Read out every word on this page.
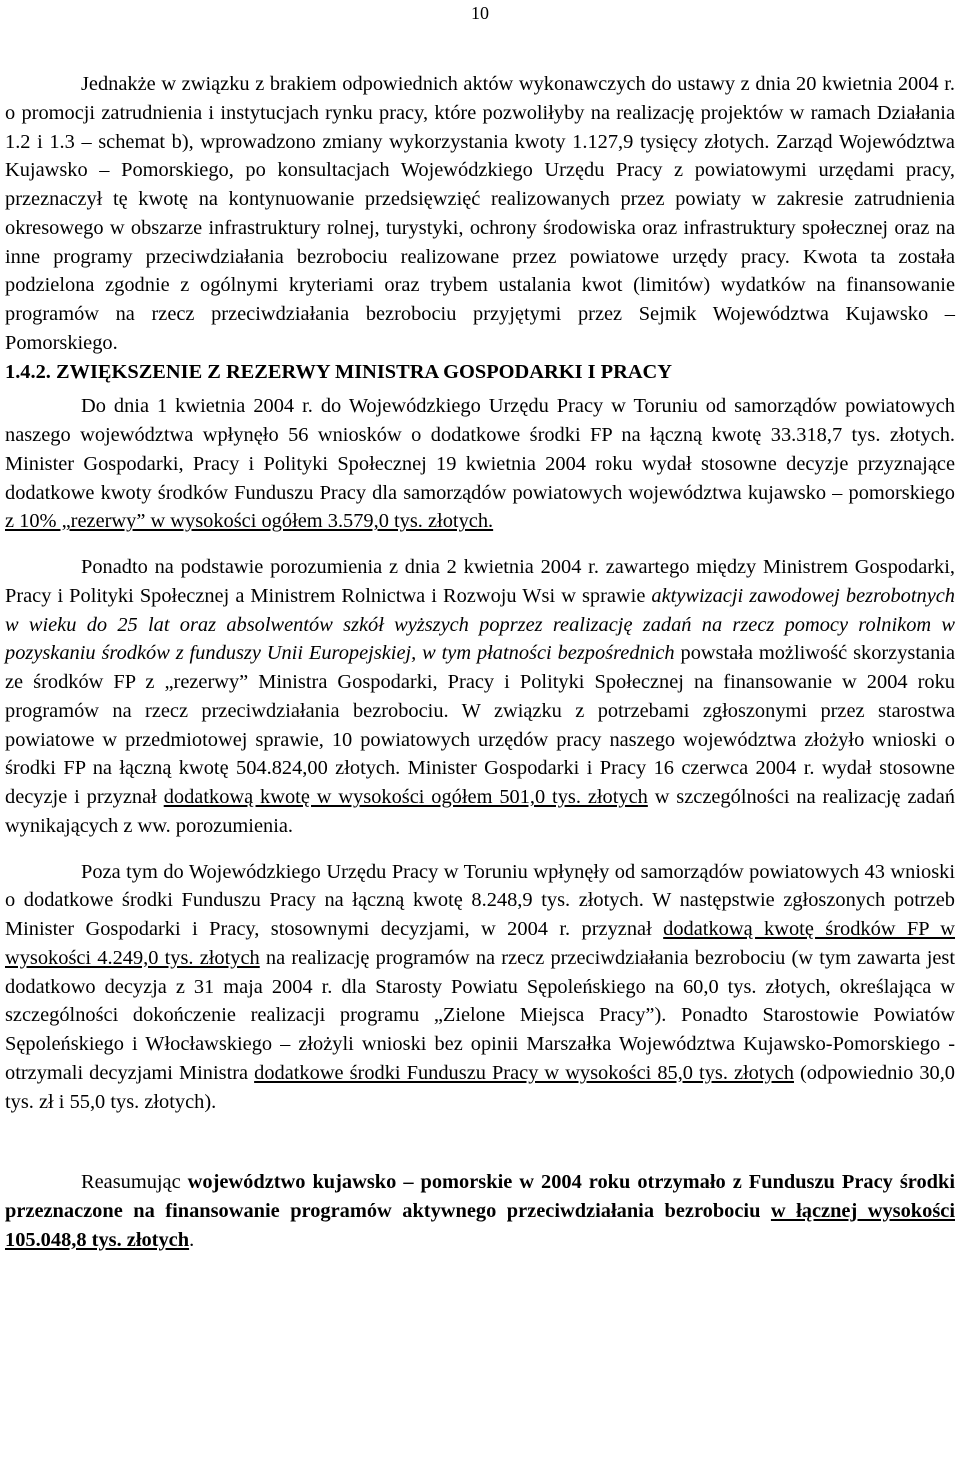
10

Jednakże w związku z brakiem odpowiednich aktów wykonawczych do ustawy z dnia 20 kwietnia 2004 r. o promocji zatrudnienia i instytucjach rynku pracy, które pozwoliłyby na realizację projektów w ramach Działania 1.2 i 1.3 – schemat b), wprowadzono zmiany wykorzystania kwoty 1.127,9 tysięcy złotych. Zarząd Województwa Kujawsko – Pomorskiego, po konsultacjach Wojewódzkiego Urzędu Pracy z powiatowymi urzędami pracy, przeznaczył tę kwotę na kontynuowanie przedsięwzięć realizowanych przez powiaty w zakresie zatrudnienia okresowego w obszarze infrastruktury rolnej, turystyki, ochrony środowiska oraz infrastruktury społecznej oraz na inne programy przeciwdziałania bezrobociu realizowane przez powiatowe urzędy pracy. Kwota ta została podzielona zgodnie z ogólnymi kryteriami oraz trybem ustalania kwot (limitów) wydatków na finansowanie programów na rzecz przeciwdziałania bezrobociu przyjętymi przez Sejmik Województwa Kujawsko – Pomorskiego.

1.4.2. ZWIĘKSZENIE Z REZERWY MINISTRA GOSPODARKI I PRACY

Do dnia 1 kwietnia 2004 r. do Wojewódzkiego Urzędu Pracy w Toruniu od samorządów powiatowych naszego województwa wpłynęło 56 wniosków o dodatkowe środki FP na łączną kwotę 33.318,7 tys. złotych. Minister Gospodarki, Pracy i Polityki Społecznej 19 kwietnia 2004 roku wydał stosowne decyzje przyznające dodatkowe kwoty środków Funduszu Pracy dla samorządów powiatowych województwa kujawsko – pomorskiego z 10% „rezerwy” w wysokości ogółem 3.579,0 tys. złotych.

Ponadto na podstawie porozumienia z dnia 2 kwietnia 2004 r. zawartego między Ministrem Gospodarki, Pracy i Polityki Społecznej a Ministrem Rolnictwa i Rozwoju Wsi w sprawie aktywizacji zawodowej bezrobotnych w wieku do 25 lat oraz absolwentów szkół wyższych poprzez realizację zadań na rzecz pomocy rolnikom w pozyskaniu środków z funduszy Unii Europejskiej, w tym płatności bezpośrednich powstała możliwość skorzystania ze środków FP z „rezerwy” Ministra Gospodarki, Pracy i Polityki Społecznej na finansowanie w 2004 roku programów na rzecz przeciwdziałania bezrobociu. W związku z potrzebami zgłoszonymi przez starostwa powiatowe w przedmiotowej sprawie, 10 powiatowych urzędów pracy naszego województwa złożyło wnioski o środki FP na łączną kwotę 504.824,00 złotych. Minister Gospodarki i Pracy 16 czerwca 2004 r. wydał stosowne decyzje i przyznał dodatkową kwotę w wysokości ogółem 501,0 tys. złotych w szczególności na realizację zadań wynikających z ww. porozumienia.

Poza tym do Wojewódzkiego Urzędu Pracy w Toruniu wpłynęły od samorządów powiatowych 43 wnioski o dodatkowe środki Funduszu Pracy na łączną kwotę 8.248,9 tys. złotych. W następstwie zgłoszonych potrzeb Minister Gospodarki i Pracy, stosownymi decyzjami, w 2004 r. przyznał dodatkową kwotę środków FP w wysokości 4.249,0 tys. złotych na realizację programów na rzecz przeciwdziałania bezrobociu (w tym zawarta jest dodatkowo decyzja z 31 maja 2004 r. dla Starosty Powiatu Sępoleńskiego na 60,0 tys. złotych, określająca w szczególności dokończenie realizacji programu „Zielone Miejsca Pracy”). Ponadto Starostowie Powiatów Sępoleńskiego i Włocławskiego – złożyli wnioski bez opinii Marszałka Województwa Kujawsko-Pomorskiego - otrzymali decyzjami Ministra dodatkowe środki Funduszu Pracy w wysokości 85,0 tys. złotych (odpowiednio 30,0 tys. zł i 55,0 tys. złotych).

Reasumując województwo kujawsko – pomorskie w 2004 roku otrzymało z Funduszu Pracy środki przeznaczone na finansowanie programów aktywnego przeciwdziałania bezrobociu w łącznej wysokości 105.048,8 tys. złotych.
